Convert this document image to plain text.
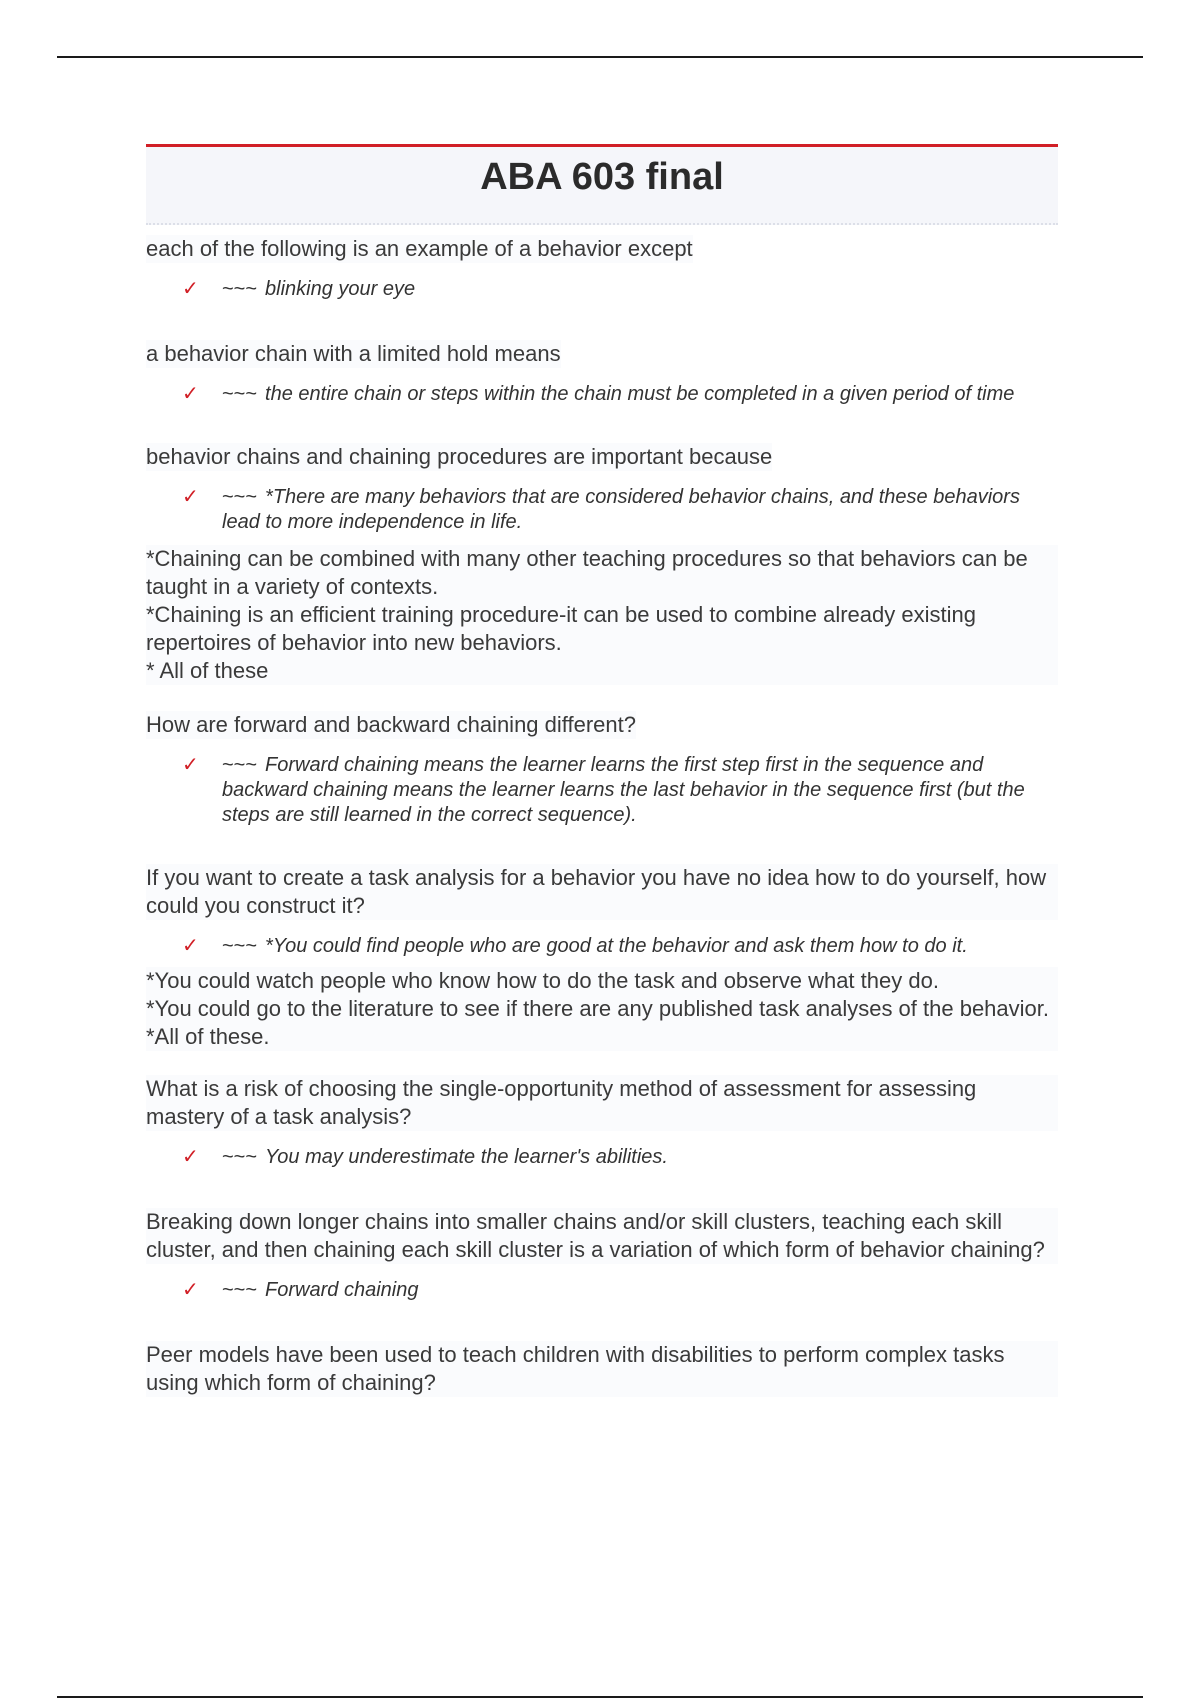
ABA 603 final
each of the following is an example of a behavior except
✓ ~~~ blinking your eye
a behavior chain with a limited hold means
✓ ~~~ the entire chain or steps within the chain must be completed in a given period of time
behavior chains and chaining procedures are important because
✓ ~~~ *There are many behaviors that are considered behavior chains, and these behaviors lead to more independence in life.
*Chaining can be combined with many other teaching procedures so that behaviors can be taught in a variety of contexts.
*Chaining is an efficient training procedure-it can be used to combine already existing repertoires of behavior into new behaviors.
* All of these
How are forward and backward chaining different?
✓ ~~~ Forward chaining means the learner learns the first step first in the sequence and backward chaining means the learner learns the last behavior in the sequence first (but the steps are still learned in the correct sequence).
If you want to create a task analysis for a behavior you have no idea how to do yourself, how could you construct it?
✓ ~~~ *You could find people who are good at the behavior and ask them how to do it.
*You could watch people who know how to do the task and observe what they do.
*You could go to the literature to see if there are any published task analyses of the behavior.
*All of these.
What is a risk of choosing the single-opportunity method of assessment for assessing mastery of a task analysis?
✓ ~~~ You may underestimate the learner's abilities.
Breaking down longer chains into smaller chains and/or skill clusters, teaching each skill cluster, and then chaining each skill cluster is a variation of which form of behavior chaining?
✓ ~~~ Forward chaining
Peer models have been used to teach children with disabilities to perform complex tasks using which form of chaining?
